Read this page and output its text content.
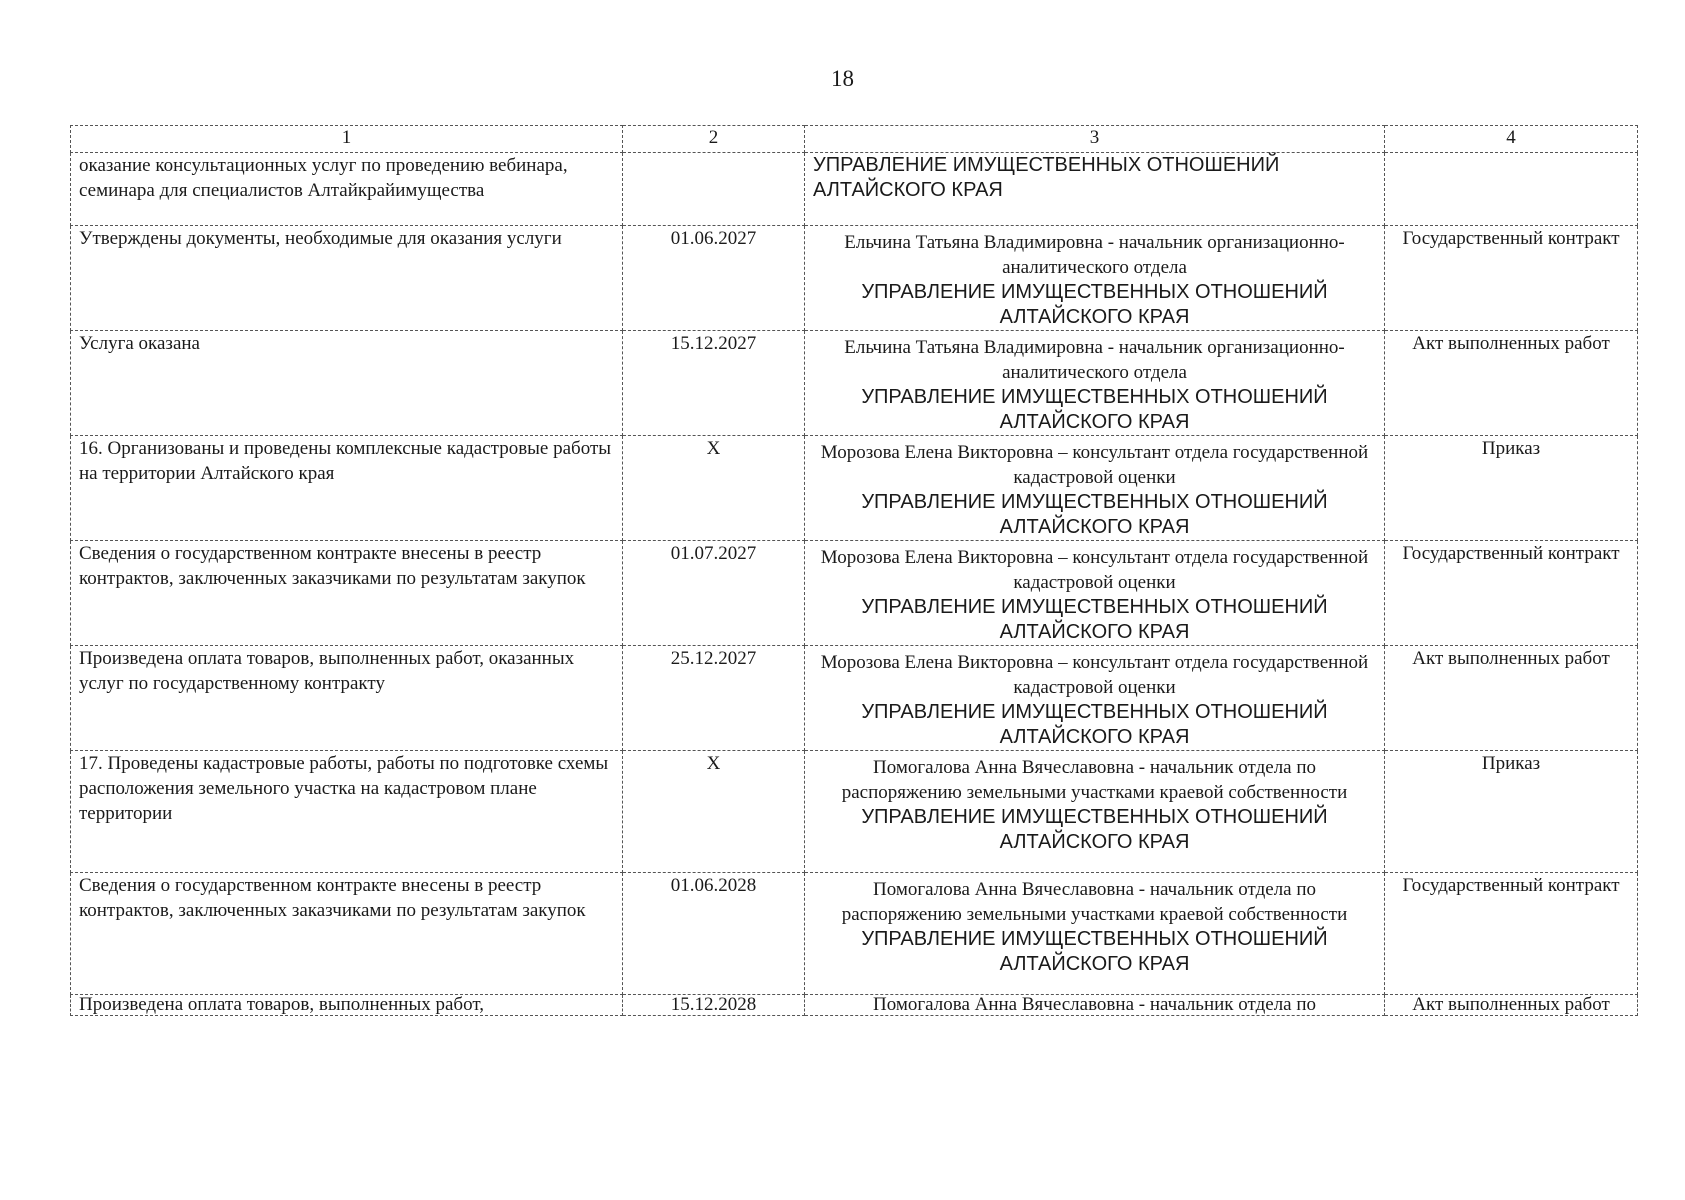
18
1	2	3	4
оказание консультационных услуг по проведению вебинара, семинара для специалистов Алтайкрайимущества		УПРАВЛЕНИЕ ИМУЩЕСТВЕННЫХ ОТНОШЕНИЙ АЛТАЙСКОГО КРАЯ	

Утверждены документы, необходимые для оказания услуги	01.06.2027	Ельчина Татьяна Владимировна - начальник организационно-аналитического отдела
УПРАВЛЕНИЕ ИМУЩЕСТВЕННЫХ ОТНОШЕНИЙ АЛТАЙСКОГО КРАЯ	Государственный контракт
Услуга оказана	15.12.2027	Ельчина Татьяна Владимировна - начальник организационно-аналитического отдела
УПРАВЛЕНИЕ ИМУЩЕСТВЕННЫХ ОТНОШЕНИЙ АЛТАЙСКОГО КРАЯ	Акт выполненных работ
16. Организованы и проведены комплексные кадастровые работы на территории Алтайского края	X	Морозова Елена Викторовна – консультант отдела государственной кадастровой оценки
УПРАВЛЕНИЕ ИМУЩЕСТВЕННЫХ ОТНОШЕНИЙ АЛТАЙСКОГО КРАЯ	Приказ
Сведения о государственном контракте внесены в реестр контрактов, заключенных заказчиками по результатам закупок	01.07.2027	Морозова Елена Викторовна – консультант отдела государственной кадастровой оценки
УПРАВЛЕНИЕ ИМУЩЕСТВЕННЫХ ОТНОШЕНИЙ АЛТАЙСКОГО КРАЯ	Государственный контракт
Произведена оплата товаров, выполненных работ, оказанных услуг по государственному контракту	25.12.2027	Морозова Елена Викторовна – консультант отдела государственной кадастровой оценки
УПРАВЛЕНИЕ ИМУЩЕСТВЕННЫХ ОТНОШЕНИЙ АЛТАЙСКОГО КРАЯ	Акт выполненных работ
17. Проведены кадастровые работы, работы по подготовке схемы расположения земельного участка на кадастровом плане территории	X	Помогалова Анна Вячеславовна - начальник отдела по распоряжению земельными участками краевой собственности
УПРАВЛЕНИЕ ИМУЩЕСТВЕННЫХ ОТНОШЕНИЙ АЛТАЙСКОГО КРАЯ	Приказ
Сведения о государственном контракте внесены в реестр контрактов, заключенных заказчиками по результатам закупок	01.06.2028	Помогалова Анна Вячеславовна - начальник отдела по распоряжению земельными участками краевой собственности
УПРАВЛЕНИЕ ИМУЩЕСТВЕННЫХ ОТНОШЕНИЙ АЛТАЙСКОГО КРАЯ	Государственный контракт
Произведена оплата товаров, выполненных работ,	15.12.2028	Помогалова Анна Вячеславовна - начальник отдела по	Акт выполненных работ
